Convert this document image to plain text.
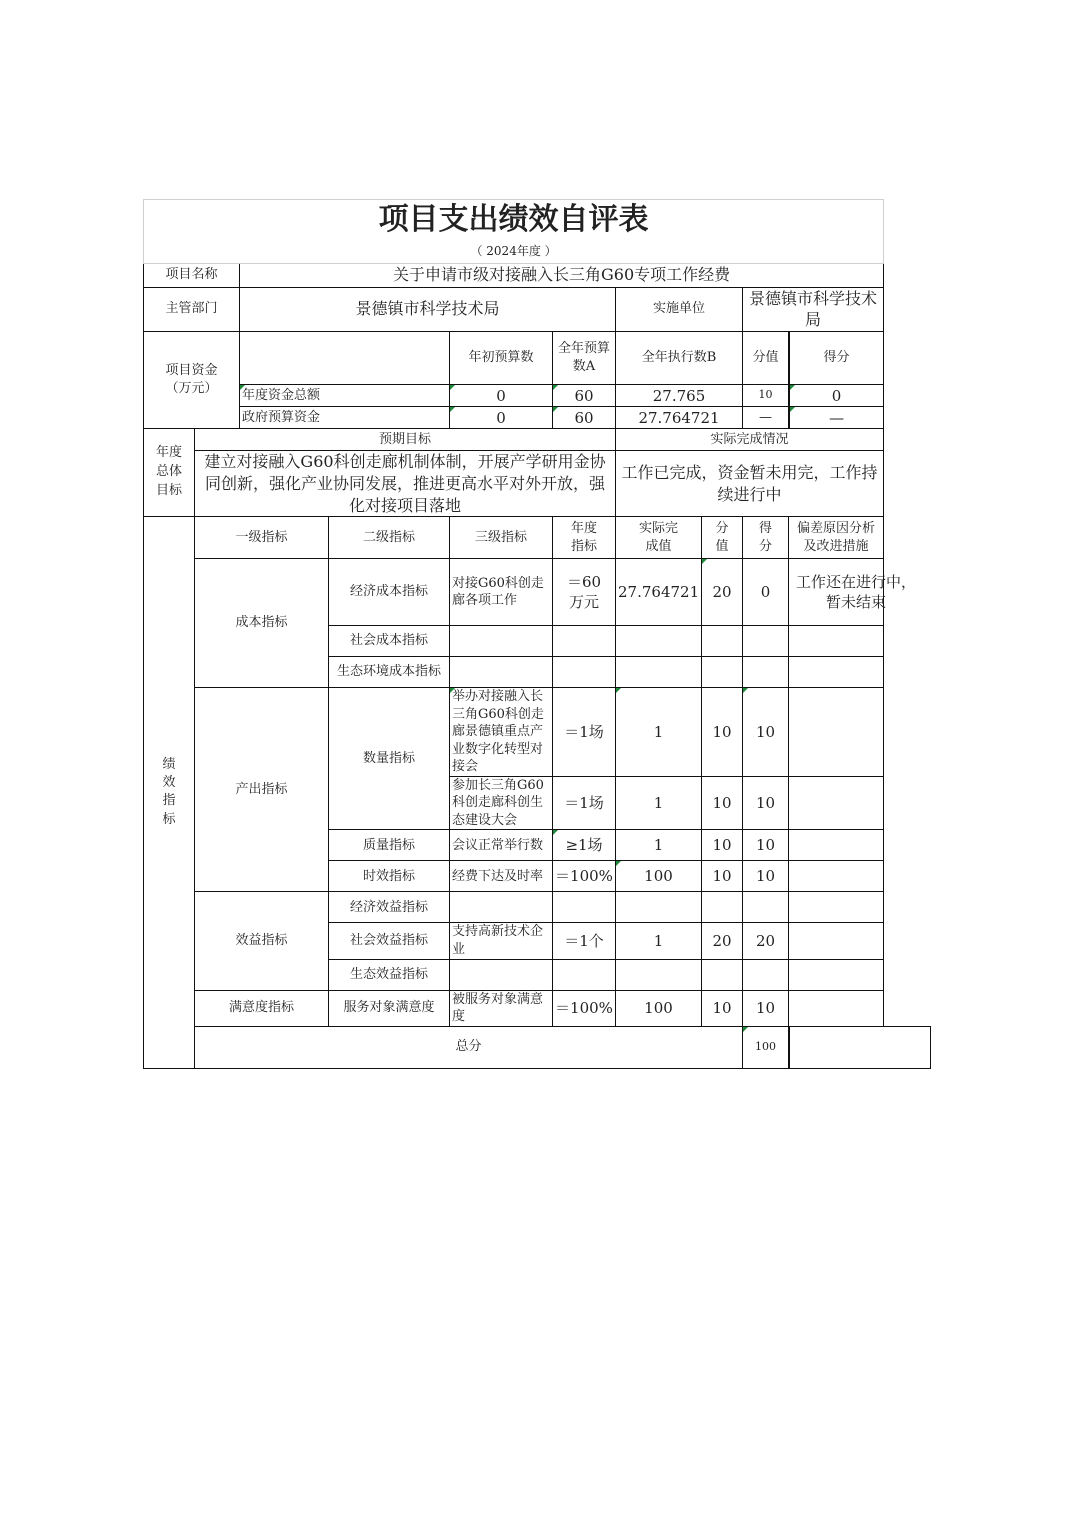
项目支出绩效自评表									
（ 2024年度 ）									
项目名称		关于申请市级对接融入长三角G60专项工作经费							
主管部门		景德镇市科学技术局				实施单位		景德镇市科学技术局	

项目资金
（万元）				年初预算数	全年预算数A	全年执行数B		分值		得分
		年度资金总额		0	60	27.765		10		0
		政府预算资金		0	60	27.764721		—		—

年度总体目标	预期目标					实际完成情况			
	建立对接融入G60科创走廊机制体制，开展产学研用金协同创新，强化产业协同发展，推进更高水平对外开放，强化对接项目落地					工作已完成，资金暂未用完，工作持续进行中			
绩效指标	一级指标		二级指标	三级指标	年度指标	实际完成值	分值	得分	偏差原因分析及改进措施

	成本指标		经济成本指标	对接G60科创走廊各项工作	＝60万元	27.764721	20	0	工作还在进行中，暂未结束

			社会成本指标						
			生态环境成本指标						
	产出指标		数量指标	举办对接融入长三角G60科创走廊景德镇重点产业数字化转型对接会	＝1场	1	10	10	
				参加长三角G60科创走廊科创生态建设大会	＝1场	1	10	10	
			质量指标	会议正常举行数	≥1场	1	10	10	
			时效指标	经费下达及时率	＝100%	100	10	10	
	效益指标		经济效益指标						
			社会效益指标	支持高新技术企业	＝1个	1	20	20	
			生态效益指标						
	满意度指标		服务对象满意度	被服务对象满意度	＝100%	100	10	10	
	总分							100		
